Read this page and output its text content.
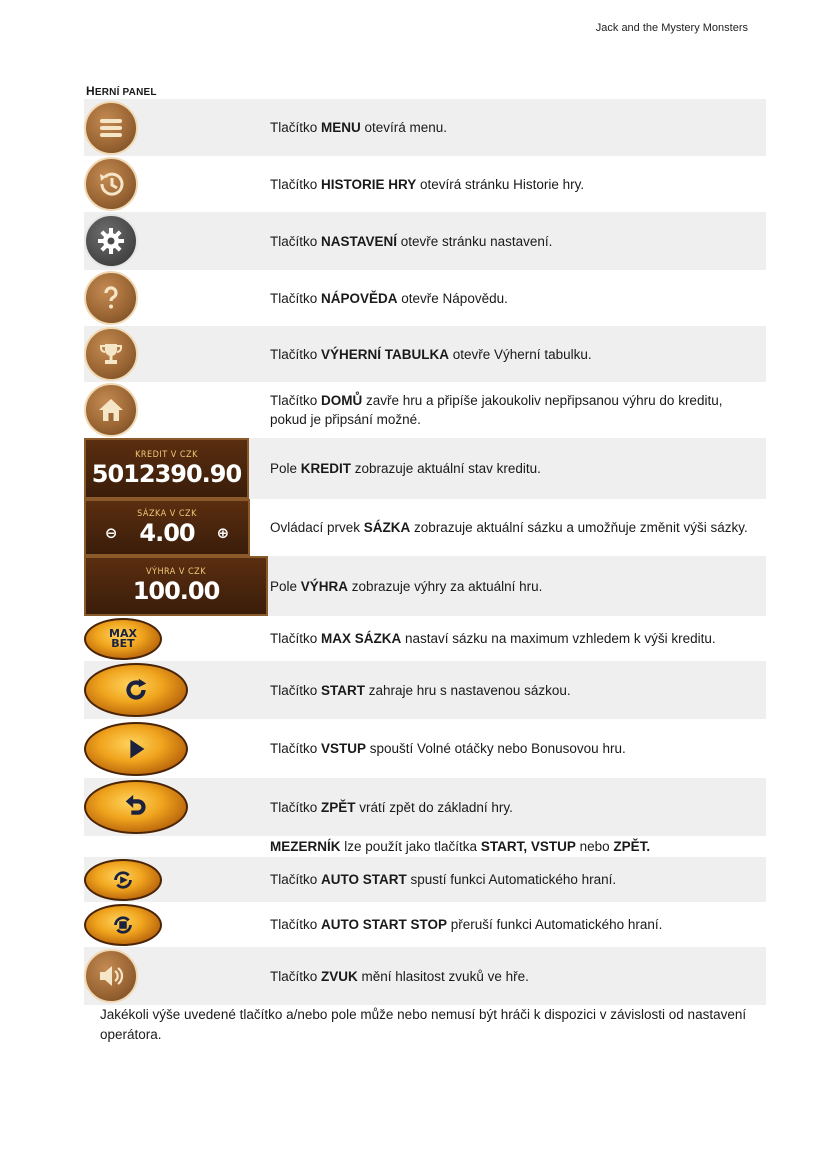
Jack and the Mystery Monsters
HERNÍ PANEL
Tlačítko MENU otevírá menu.
Tlačítko HISTORIE HRY otevírá stránku Historie hry.
Tlačítko NASTAVENÍ otevře stránku nastavení.
Tlačítko NÁPOVĚDA otevře Nápovědu.
Tlačítko VÝHERNÍ TABULKA otevře Výherní tabulku.
Tlačítko DOMŮ zavře hru a připíše jakoukoliv nepřipsanou výhru do kreditu, pokud je připsání možné.
KREDIT V CZK
5012390.90 Pole KREDIT zobrazuje aktuální stav kreditu.
SÁZKA V CZK
⊖ 4.00 ⊕	Ovládací prvek SÁZKA zobrazuje aktuální sázku a umožňuje změnit výši sázky.
VÝHRA V CZK
100.00	Pole VÝHRA zobrazuje výhry za aktuální hru.
MAX
BET	Tlačítko MAX SÁZKA nastaví sázku na maximum vzhledem k výši kreditu.
Tlačítko START zahraje hru s nastavenou sázkou.
Tlačítko VSTUP spouští Volné otáčky nebo Bonusovou hru.
Tlačítko ZPĚT vrátí zpět do základní hry.
MEZERNÍK lze použít jako tlačítka START, VSTUP nebo ZPĚT.
Tlačítko AUTO START spustí funkci Automatického hraní.
Tlačítko AUTO START STOP přeruší funkci Automatického hraní.
Tlačítko ZVUK mění hlasitost zvuků ve hře.
Jakékoli výše uvedené tlačítko a/nebo pole může nebo nemusí být hráči k dispozici v závislosti od nastavení operátora.
